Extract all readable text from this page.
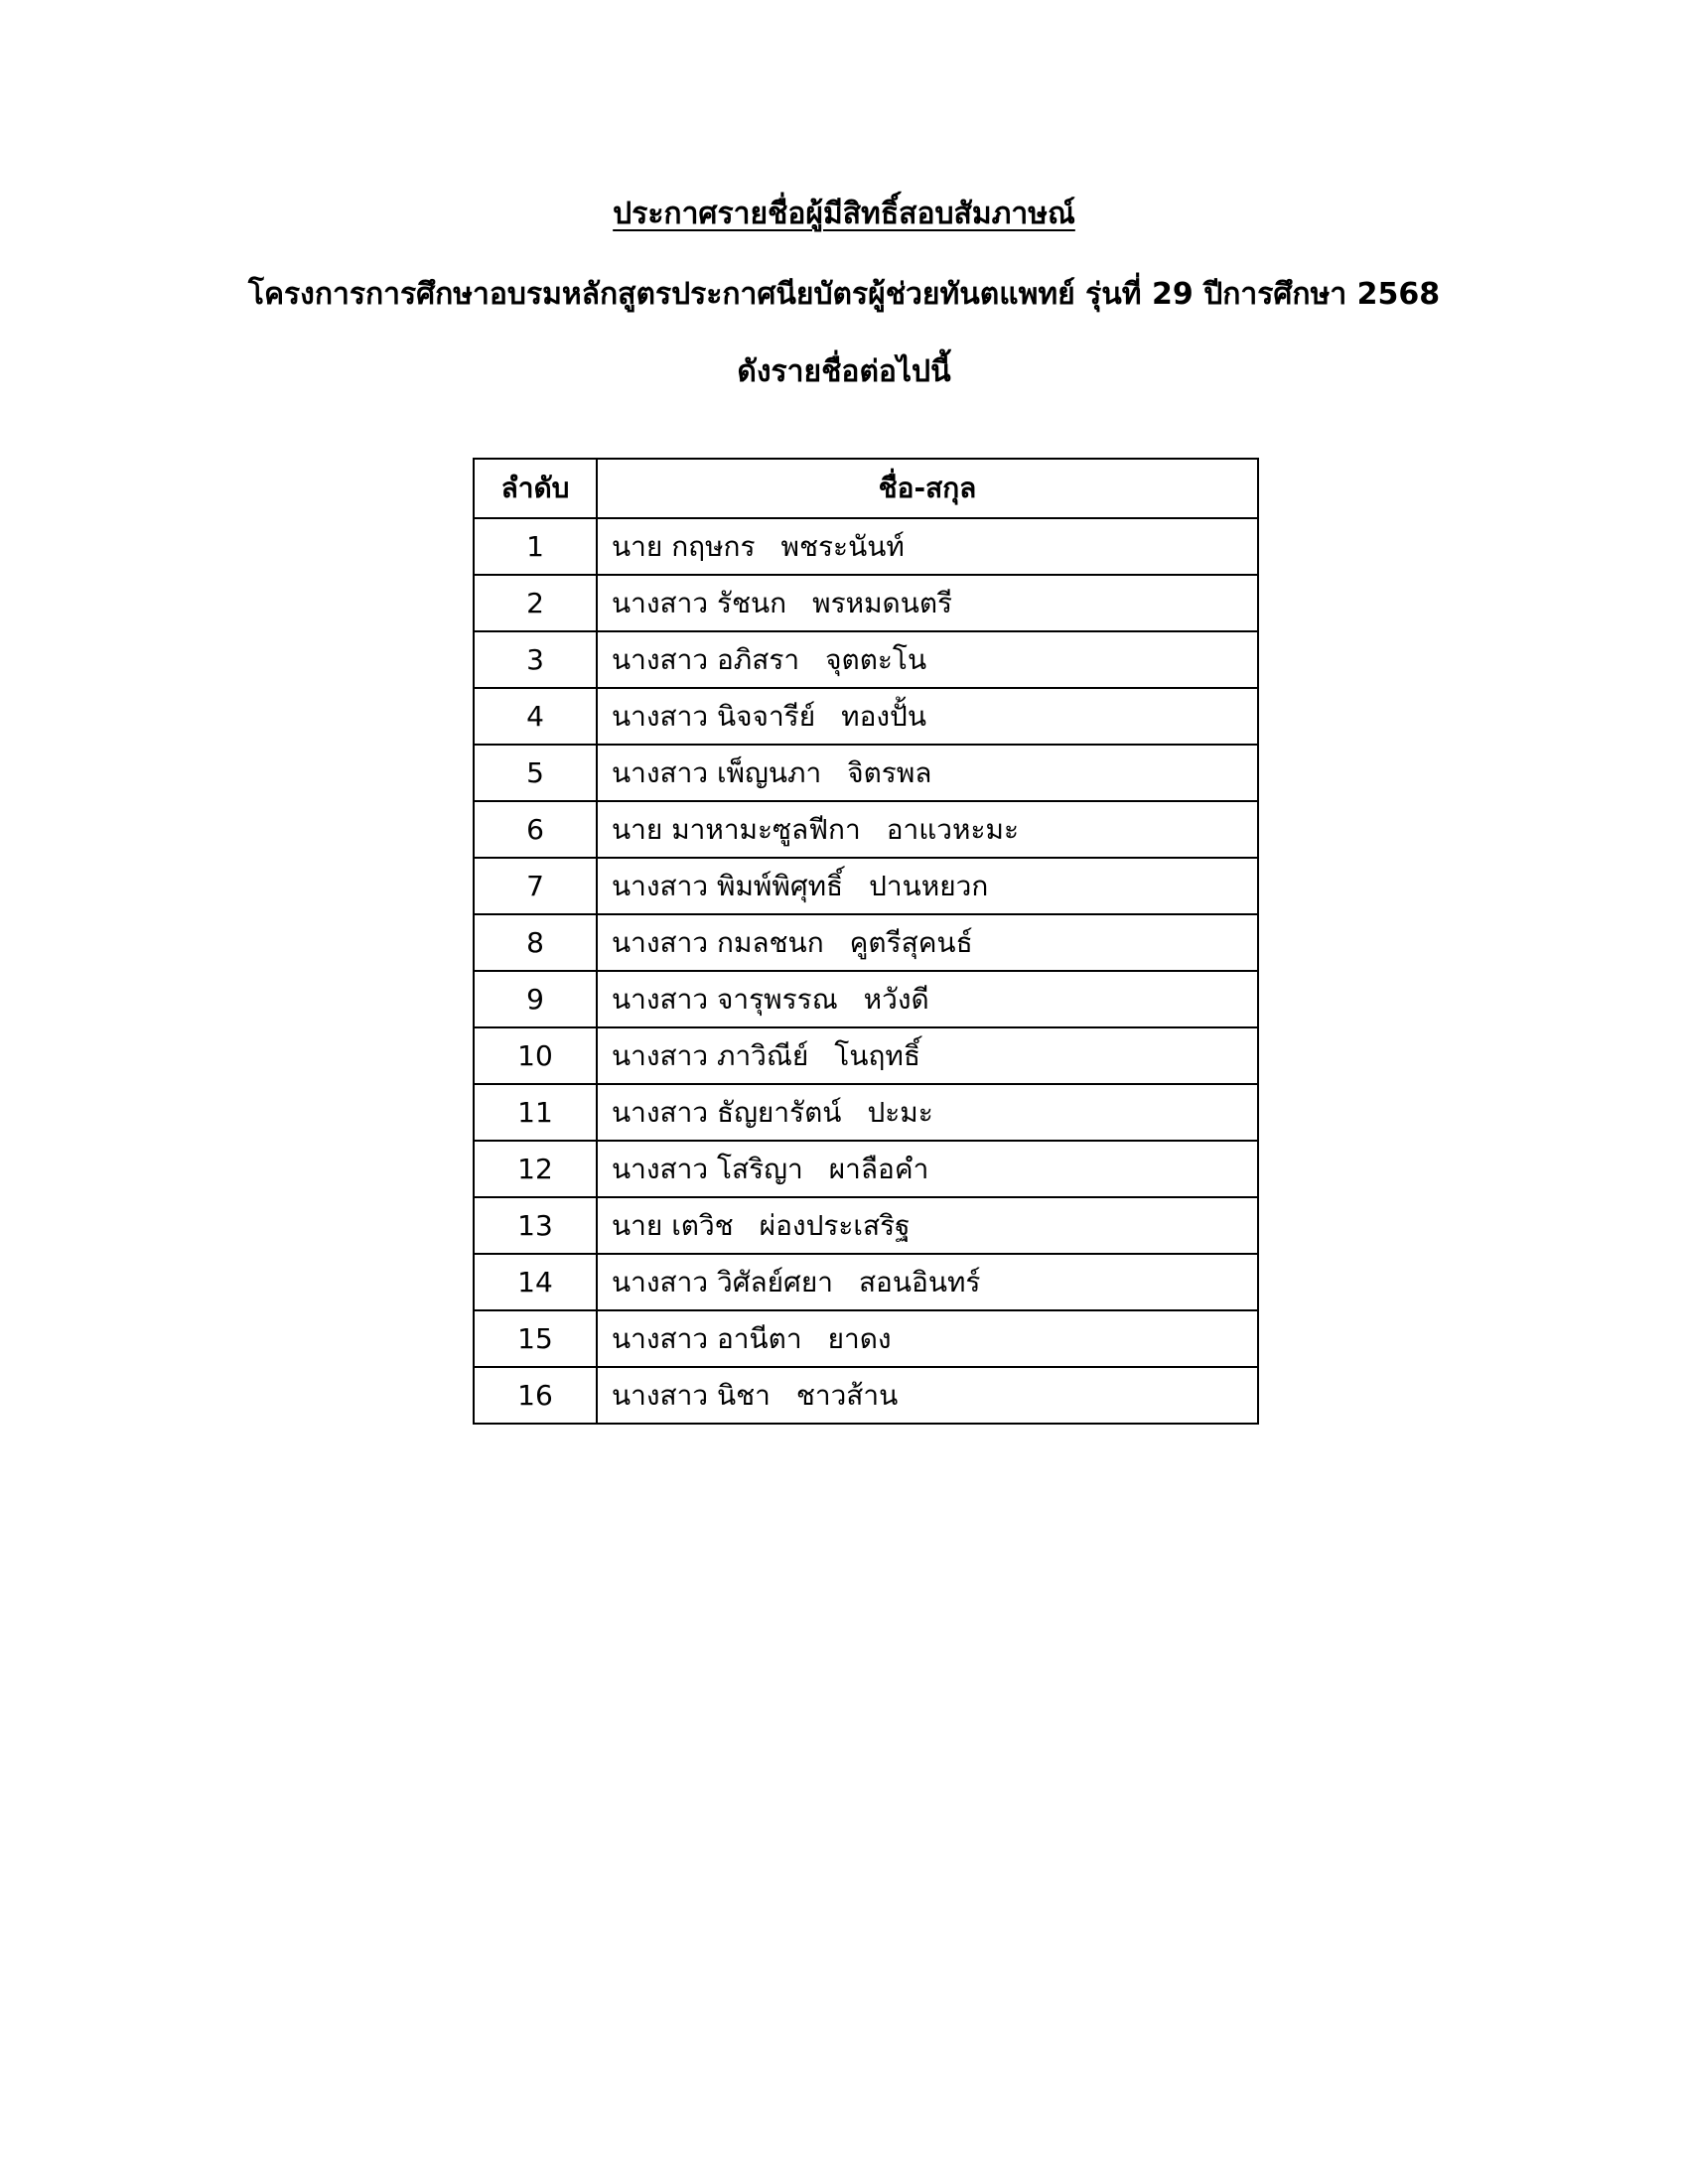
ประกาศรายชื่อผู้มีสิทธิ์สอบสัมภาษณ์
โครงการการศึกษาอบรมหลักสูตรประกาศนียบัตรผู้ช่วยทันตแพทย์ รุ่นที่ 29 ปีการศึกษา 2568
ดังรายชื่อต่อไปนี้
ลำดับ	ชื่อ-สกุล
1	นาย กฤษกร พชระนันท์
2	นางสาว รัชนก พรหมดนตรี
3	นางสาว อภิสรา จุตตะโน
4	นางสาว นิจจารีย์ ทองปั้น
5	นางสาว เพ็ญนภา จิตรพล
6	นาย มาหามะซูลฟีกา อาแวหะมะ
7	นางสาว พิมพ์พิศุทธิ์ ปานหยวก
8	นางสาว กมลชนก คูตรีสุคนธ์
9	นางสาว จารุพรรณ หวังดี
10	นางสาว ภาวิณีย์ โนฤทธิ์
11	นางสาว ธัญยารัตน์ ปะมะ
12	นางสาว โสริญา ผาลือคำ
13	นาย เตวิช ผ่องประเสริฐ
14	นางสาว วิศัลย์ศยา สอนอินทร์
15	นางสาว อานีตา ยาดง
16	นางสาว นิชา ชาวส้าน
